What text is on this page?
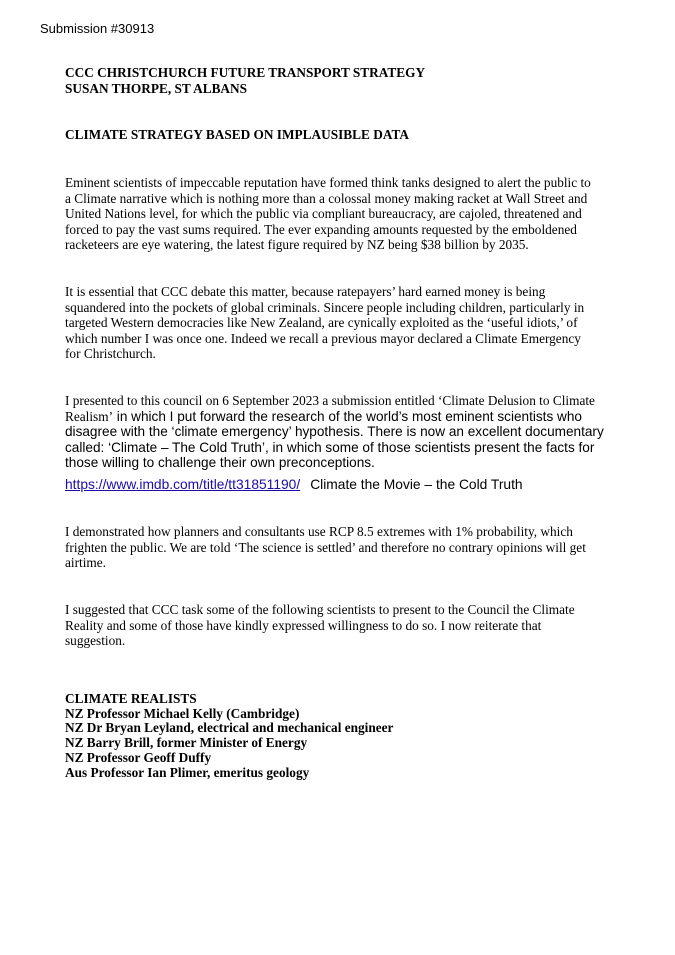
Submission #30913
CCC CHRISTCHURCH FUTURE TRANSPORT STRATEGY
SUSAN THORPE, ST ALBANS
CLIMATE STRATEGY BASED ON IMPLAUSIBLE DATA
Eminent scientists of impeccable reputation have formed think tanks designed to alert the public to
a Climate narrative which is nothing more than a colossal money making racket at Wall Street and
United Nations level, for which the public via compliant bureaucracy, are cajoled, threatened and
forced to pay the vast sums required. The ever expanding amounts requested by the emboldened
racketeers are eye watering, the latest figure required by NZ being $38 billion by 2035.
It is essential that CCC debate this matter, because ratepayers’ hard earned money is being
squandered into the pockets of global criminals. Sincere people including children, particularly in
targeted Western democracies like New Zealand, are cynically exploited as the ‘useful idiots,’ of
which number I was once one. Indeed we recall a previous mayor declared a Climate Emergency
for Christchurch.
I presented to this council on 6 September 2023 a submission entitled ‘Climate Delusion to Climate
Realism’ in which I put forward the research of the world’s most eminent scientists who
disagree with the ‘climate emergency’ hypothesis. There is now an excellent documentary
called: ‘Climate – The Cold Truth’, in which some of those scientists present the facts for
those willing to challenge their own preconceptions.
https://www.imdb.com/title/tt31851190/ Climate the Movie – the Cold Truth
I demonstrated how planners and consultants use RCP 8.5 extremes with 1% probability, which
frighten the public. We are told ‘The science is settled’ and therefore no contrary opinions will get
airtime.
I suggested that CCC task some of the following scientists to present to the Council the Climate
Reality and some of those have kindly expressed willingness to do so. I now reiterate that
suggestion.
CLIMATE REALISTS
NZ Professor Michael Kelly (Cambridge)
NZ Dr Bryan Leyland, electrical and mechanical engineer
NZ Barry Brill, former Minister of Energy
NZ Professor Geoff Duffy
Aus Professor Ian Plimer, emeritus geology
